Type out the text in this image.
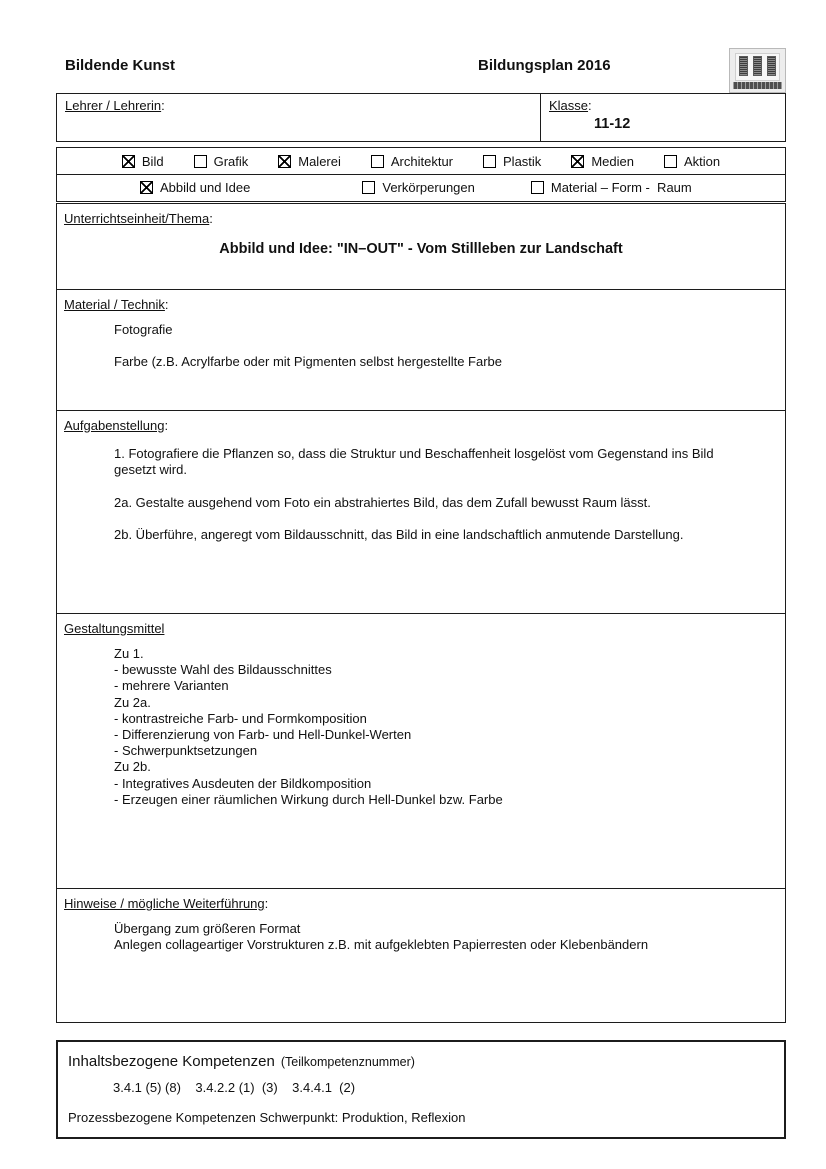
Bildende Kunst	Bildungsplan 2016
Lehrer / Lehrerin:	Klasse:
11-12
Bild	Grafik	Malerei	Architektur	Plastik	Medien	Aktion
Abbild und Idee	Verkörperungen	Material – Form -  Raum
Unterrichtseinheit/Thema:
Abbild und Idee: "IN–OUT" - Vom Stillleben zur Landschaft
Material / Technik:
Fotografie
Farbe (z.B. Acrylfarbe oder mit Pigmenten selbst hergestellte Farbe
Aufgabenstellung:
1. Fotografiere die Pflanzen so, dass die Struktur und Beschaffenheit losgelöst vom Gegenstand ins Bild
gesetzt wird.
2a. Gestalte ausgehend vom Foto ein abstrahiertes Bild, das dem Zufall bewusst Raum lässt.
2b. Überführe, angeregt vom Bildausschnitt, das Bild in eine landschaftlich anmutende Darstellung.
Gestaltungsmittel
Zu 1.
- bewusste Wahl des Bildausschnittes
- mehrere Varianten
Zu 2a.
- kontrastreiche Farb- und Formkomposition
- Differenzierung von Farb- und Hell-Dunkel-Werten
- Schwerpunktsetzungen
Zu 2b.
- Integratives Ausdeuten der Bildkomposition
- Erzeugen einer räumlichen Wirkung durch Hell-Dunkel bzw. Farbe
Hinweise / mögliche Weiterführung:
Übergang zum größeren Format
Anlegen collageartiger Vorstrukturen z.B. mit aufgeklebten Papierresten oder Klebenbändern
Inhaltsbezogene Kompetenzen (Teilkompetenznummer)
3.4.1 (5) (8)    3.4.2.2 (1)  (3)    3.4.4.1  (2)
Prozessbezogene Kompetenzen Schwerpunkt: Produktion, Reflexion
